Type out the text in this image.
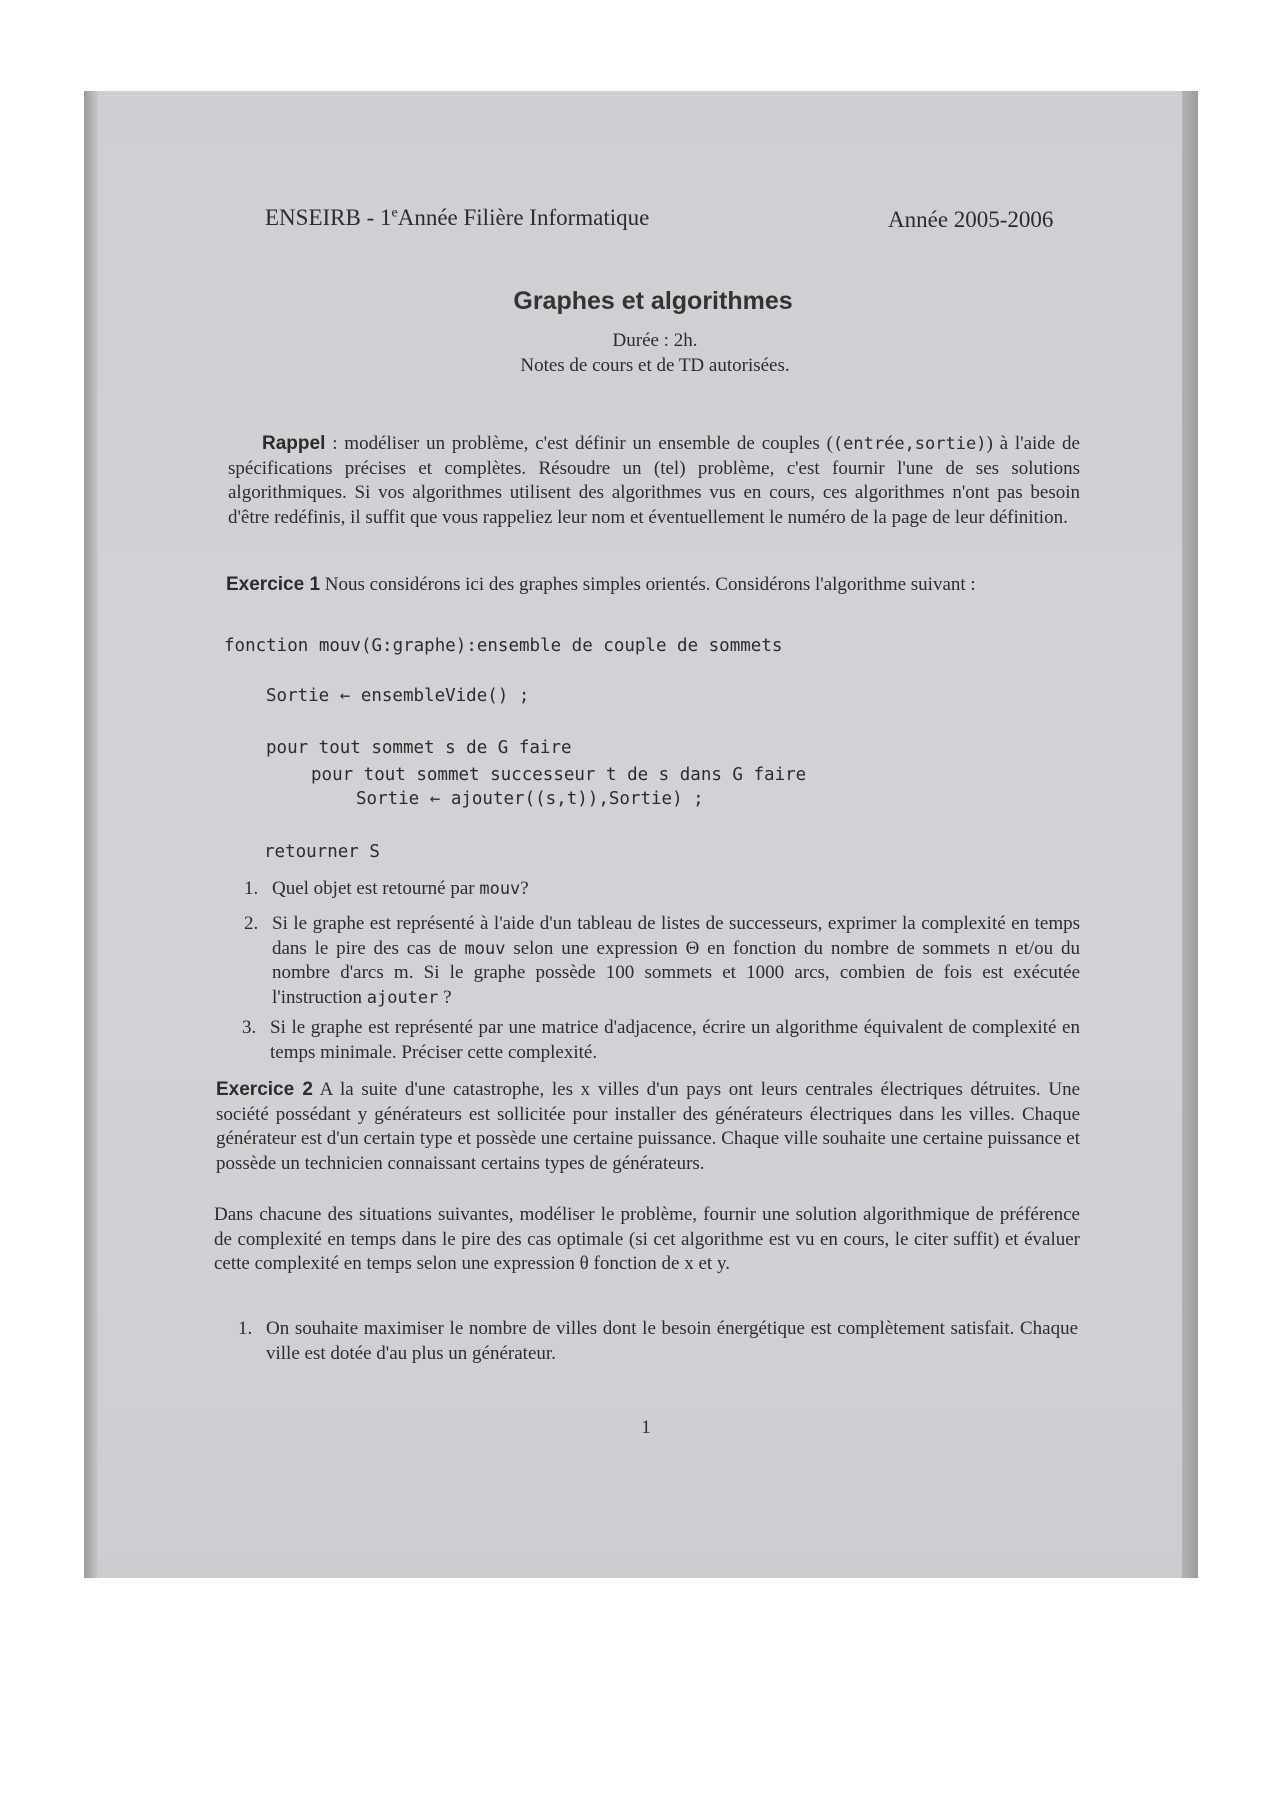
ENSEIRB - 1eAnnée Filière Informatique	Année 2005-2006
Graphes et algorithmes
Durée : 2h.
Notes de cours et de TD autorisées.
Rappel : modéliser un problème, c'est définir un ensemble de couples ((entrée,sortie)) à l'aide de spécifications précises et complètes. Résoudre un (tel) problème, c'est fournir l'une de ses solutions algorithmiques. Si vos algorithmes utilisent des algorithmes vus en cours, ces algorithmes n'ont pas besoin d'être redéfinis, il suffit que vous rappeliez leur nom et éventuellement le numéro de la page de leur définition.
Exercice 1 Nous considérons ici des graphes simples orientés. Considérons l'algorithme suivant :
fonction mouv(G:graphe):ensemble de couple de sommets
Sortie ← ensembleVide() ;
pour tout sommet s de G faire
pour tout sommet successeur t de s dans G faire
Sortie ← ajouter((s,t)),Sortie) ;
retourner S
1. Quel objet est retourné par mouv?
2. Si le graphe est représenté à l'aide d'un tableau de listes de successeurs, exprimer la complexité en temps dans le pire des cas de mouv selon une expression Θ en fonction du nombre de sommets n et/ou du nombre d'arcs m. Si le graphe possède 100 sommets et 1000 arcs, combien de fois est exécutée l'instruction ajouter ?
3. Si le graphe est représenté par une matrice d'adjacence, écrire un algorithme équivalent de complexité en temps minimale. Préciser cette complexité.
Exercice 2 A la suite d'une catastrophe, les x villes d'un pays ont leurs centrales électriques détruites. Une société possédant y générateurs est sollicitée pour installer des générateurs électriques dans les villes. Chaque générateur est d'un certain type et possède une certaine puissance. Chaque ville souhaite une certaine puissance et possède un technicien connaissant certains types de générateurs.
Dans chacune des situations suivantes, modéliser le problème, fournir une solution algorithmique de préférence de complexité en temps dans le pire des cas optimale (si cet algorithme est vu en cours, le citer suffit) et évaluer cette complexité en temps selon une expression θ fonction de x et y.
1. On souhaite maximiser le nombre de villes dont le besoin énergétique est complètement satisfait. Chaque ville est dotée d'au plus un générateur.
1
